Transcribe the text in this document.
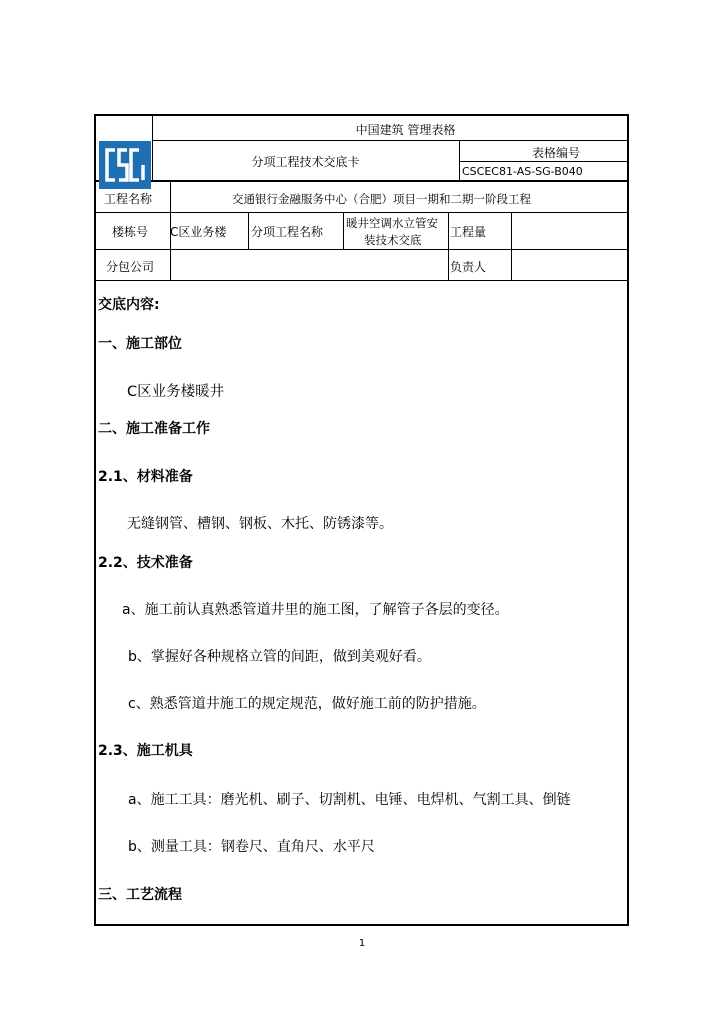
中国建筑 管理表格
分项工程技术交底卡
表格编号
CSCEC81-AS-SG-B040
工程名称	交通银行金融服务中心（合肥）项目一期和二期一阶段工程
楼栋号 C区业务楼 分项工程名称
暖井空调水立管安
装技术交底
工程量
分包公司	负责人
交底内容:
一、施工部位
C区业务楼暖井
二、施工准备工作
2.1、材料准备
无缝钢管、槽钢、钢板、木托、防锈漆等。
2.2、技术准备
a、施工前认真熟悉管道井里的施工图，了解管子各层的变径。
b、掌握好各种规格立管的间距，做到美观好看。
c、熟悉管道井施工的规定规范，做好施工前的防护措施。
2.3、施工机具
a、施工工具：磨光机、刷子、切割机、电锤、电焊机、气割工具、倒链
b、测量工具：钢卷尺、直角尺、水平尺
三、工艺流程
1
